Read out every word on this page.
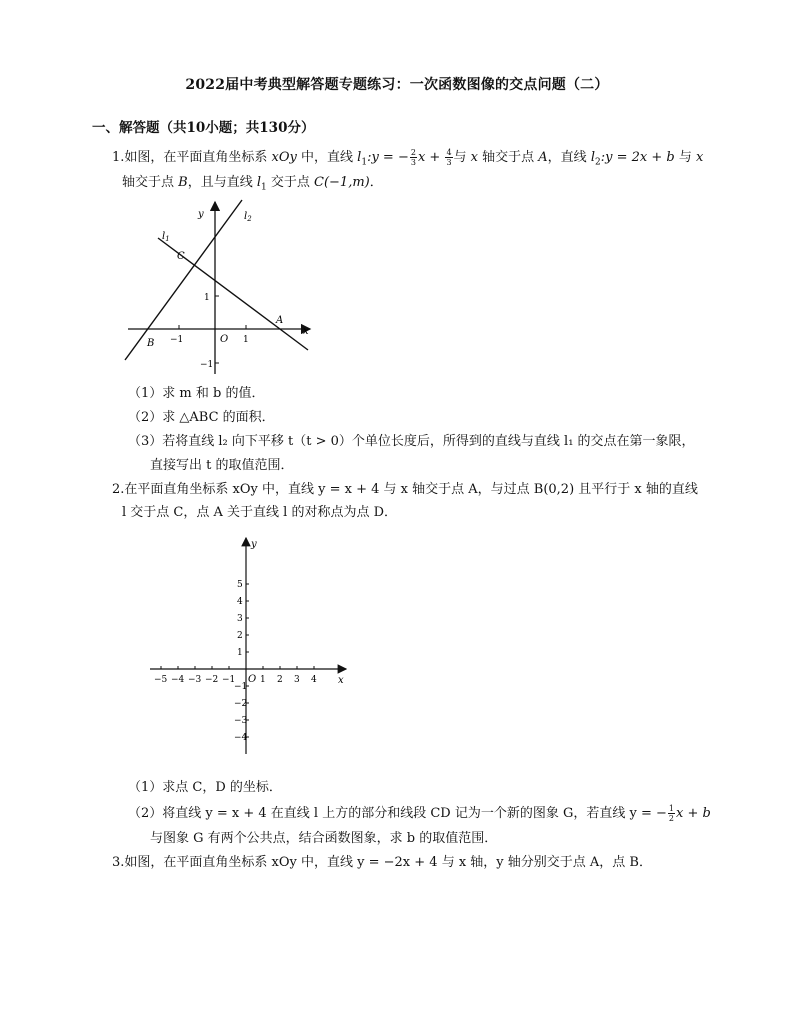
2022届中考典型解答题专题练习：一次函数图像的交点问题（二）
一、解答题（共10小题；共130分）
1.如图，在平面直角坐标系 xOy 中，直线 $l_1:y$ = − $\frac{2}{3}$ $x + \frac{4}{3}$ 与 x 轴交于点 A，直线 $l_2:y = 2x + b$ 与 x
轴交于点 B，且与直线 $l_1$ 交于点 C(−1,m)．
y
x
$l_2$
$l_1$
C
A
B	O
−1	1
1
−1
（1）求 m 和 b 的值．
（2）求 △ABC 的面积．
（3）若将直线 l₂ 向下平移 t（t > 0）个单位长度后，所得到的直线与直线 l₁ 的交点在第一象限，
直接写出 t 的取值范围．
2.在平面直角坐标系 xOy 中，直线 y = x + 4 与 x 轴交于点 A，与过点 B(0,2) 且平行于 x 轴的直线
l 交于点 C，点 A 关于直线 l 的对称点为点 D．
y
x
O
−5 −4 −3 −2 −1	1 2 3 4
5
4
3
2
1
−1
−2
−3
−4
（1）求点 C，D 的坐标．
（2）将直线 y = x + 4 在直线 l 上方的部分和线段 CD 记为一个新的图象 G，若直线 y = − $\frac{1}{2}$ x + b
与图象 G 有两个公共点，结合函数图象，求 b 的取值范围．
3.如图，在平面直角坐标系 xOy 中，直线 y = −2x + 4 与 x 轴，y 轴分别交于点 A，点 B．
